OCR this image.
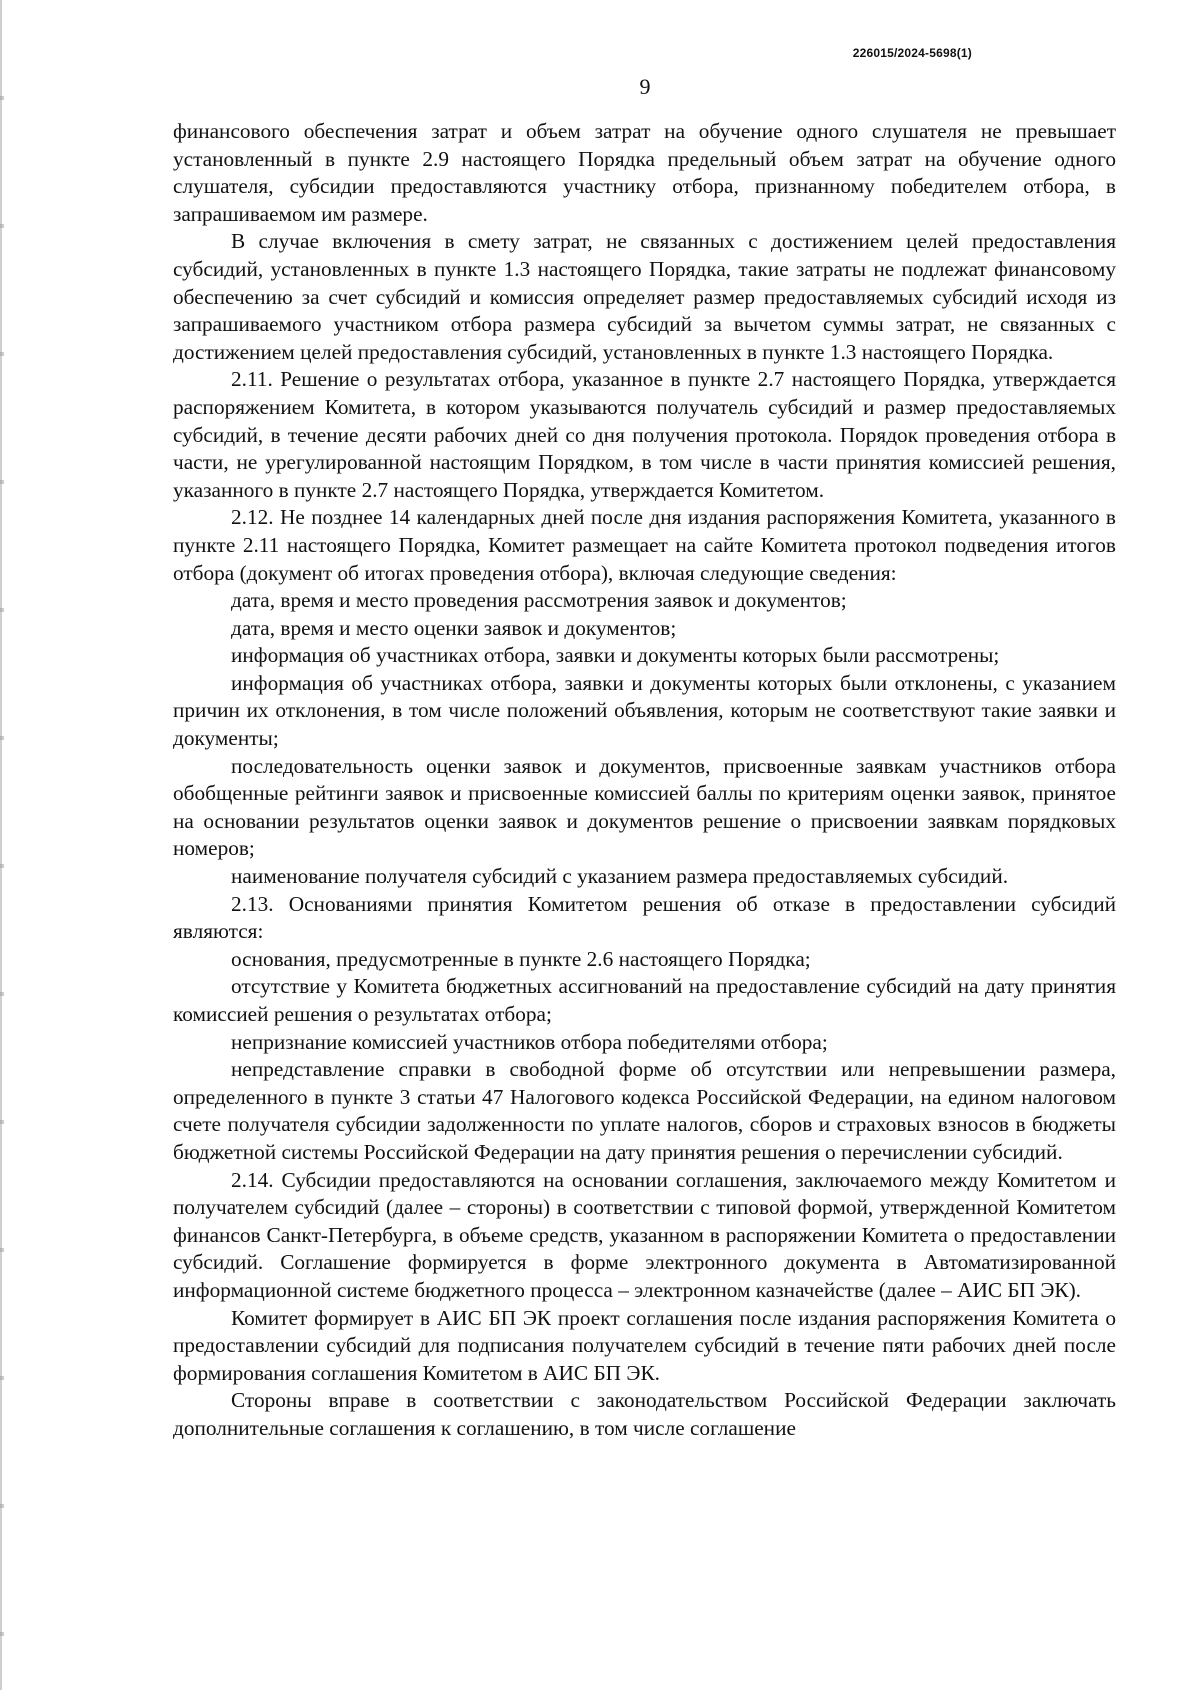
226015/2024-5698(1)
9

финансового обеспечения затрат и объем затрат на обучение одного слушателя не превышает установленный в пункте 2.9 настоящего Порядка предельный объем затрат на обучение одного слушателя, субсидии предоставляются участнику отбора, признанному победителем отбора, в запрашиваемом им размере.

В случае включения в смету затрат, не связанных с достижением целей предоставления субсидий, установленных в пункте 1.3 настоящего Порядка, такие затраты не подлежат финансовому обеспечению за счет субсидий и комиссия определяет размер предоставляемых субсидий исходя из запрашиваемого участником отбора размера субсидий за вычетом суммы затрат, не связанных с достижением целей предоставления субсидий, установленных в пункте 1.3 настоящего Порядка.

2.11. Решение о результатах отбора, указанное в пункте 2.7 настоящего Порядка, утверждается распоряжением Комитета, в котором указываются получатель субсидий и размер предоставляемых субсидий, в течение десяти рабочих дней со дня получения протокола. Порядок проведения отбора в части, не урегулированной настоящим Порядком, в том числе в части принятия комиссией решения, указанного в пункте 2.7 настоящего Порядка, утверждается Комитетом.

2.12. Не позднее 14 календарных дней после дня издания распоряжения Комитета, указанного в пункте 2.11 настоящего Порядка, Комитет размещает на сайте Комитета протокол подведения итогов отбора (документ об итогах проведения отбора), включая следующие сведения:

дата, время и место проведения рассмотрения заявок и документов;

дата, время и место оценки заявок и документов;

информация об участниках отбора, заявки и документы которых были рассмотрены;

информация об участниках отбора, заявки и документы которых были отклонены, с указанием причин их отклонения, в том числе положений объявления, которым не соответствуют такие заявки и документы;

последовательность оценки заявок и документов, присвоенные заявкам участников отбора обобщенные рейтинги заявок и присвоенные комиссией баллы по критериям оценки заявок, принятое на основании результатов оценки заявок и документов решение о присвоении заявкам порядковых номеров;

наименование получателя субсидий с указанием размера предоставляемых субсидий.

2.13. Основаниями принятия Комитетом решения об отказе в предоставлении субсидий являются:

основания, предусмотренные в пункте 2.6 настоящего Порядка;

отсутствие у Комитета бюджетных ассигнований на предоставление субсидий на дату принятия комиссией решения о результатах отбора;

непризнание комиссией участников отбора победителями отбора;

непредставление справки в свободной форме об отсутствии или непревышении размера, определенного в пункте 3 статьи 47 Налогового кодекса Российской Федерации, на едином налоговом счете получателя субсидии задолженности по уплате налогов, сборов и страховых взносов в бюджеты бюджетной системы Российской Федерации на дату принятия решения о перечислении субсидий.

2.14. Субсидии предоставляются на основании соглашения, заключаемого между Комитетом и получателем субсидий (далее – стороны) в соответствии с типовой формой, утвержденной Комитетом финансов Санкт-Петербурга, в объеме средств, указанном в распоряжении Комитета о предоставлении субсидий. Соглашение формируется в форме электронного документа в Автоматизированной информационной системе бюджетного процесса – электронном казначействе (далее – АИС БП ЭК).

Комитет формирует в АИС БП ЭК проект соглашения после издания распоряжения Комитета о предоставлении субсидий для подписания получателем субсидий в течение пяти рабочих дней после формирования соглашения Комитетом в АИС БП ЭК.

Стороны вправе в соответствии с законодательством Российской Федерации заключать дополнительные соглашения к соглашению, в том числе соглашение
